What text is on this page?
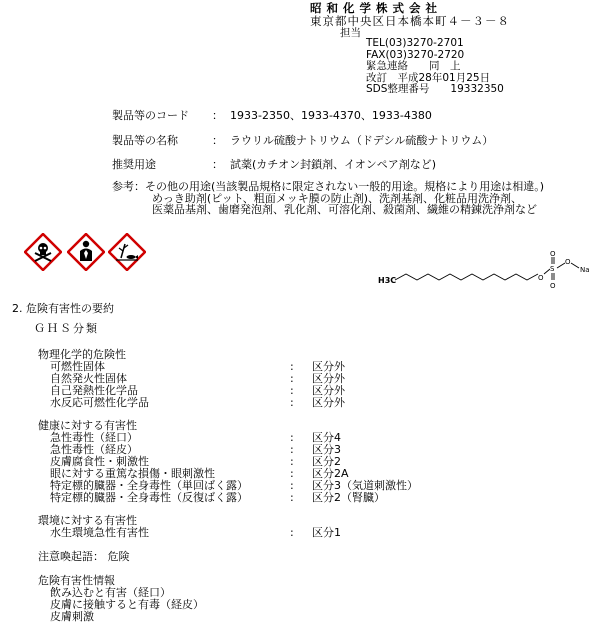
昭和化学株式会社
東京都中央区日本橋本町４－３－８
担当
TEL(03)3270-2701
FAX(03)3270-2720
緊急連絡　　同　上
改訂　平成28年01月25日
SDS整理番号　　19332350
製品等のコード ： 1933-2350、1933-4370、1933-4380
製品等の名称	： ラウリル硫酸ナトリウム（ドデシル硫酸ナトリウム）
推奨用途	： 試薬(カチオン封鎖剤、イオンペア剤など)
参考：その他の用途(当該製品規格に限定されない一般的用途。規格により用途は相違。)
めっき助剤(ピット、粗面メッキ膜の防止剤)、洗剤基剤、化粧品用洗浄剤、
医薬品基剤、歯磨発泡剤、乳化剤、可溶化剤、殺菌剤、繊維の精錬洗浄剤など
H3C	O
S
O
O
O
Na
2. 危険有害性の要約
ＧＨＳ分類
物理化学的危険性
可燃性固体	: 区分外
自然発火性固体	: 区分外
自己発熱性化学品	: 区分外
水反応可燃性化学品	: 区分外
健康に対する有害性
急性毒性（経口）	: 区分4
急性毒性（経皮）	: 区分3
皮膚腐食性・刺激性	: 区分2
眼に対する重篤な損傷・眼刺激性	: 区分2A
特定標的臓器・全身毒性（単回ばく露）	: 区分3（気道刺激性）
特定標的臓器・全身毒性（反復ばく露）	: 区分2（腎臓）
環境に対する有害性
水生環境急性有害性	: 区分1
注意喚起語： 危険
危険有害性情報
飲み込むと有害（経口）
皮膚に接触すると有毒（経皮）
皮膚刺激
